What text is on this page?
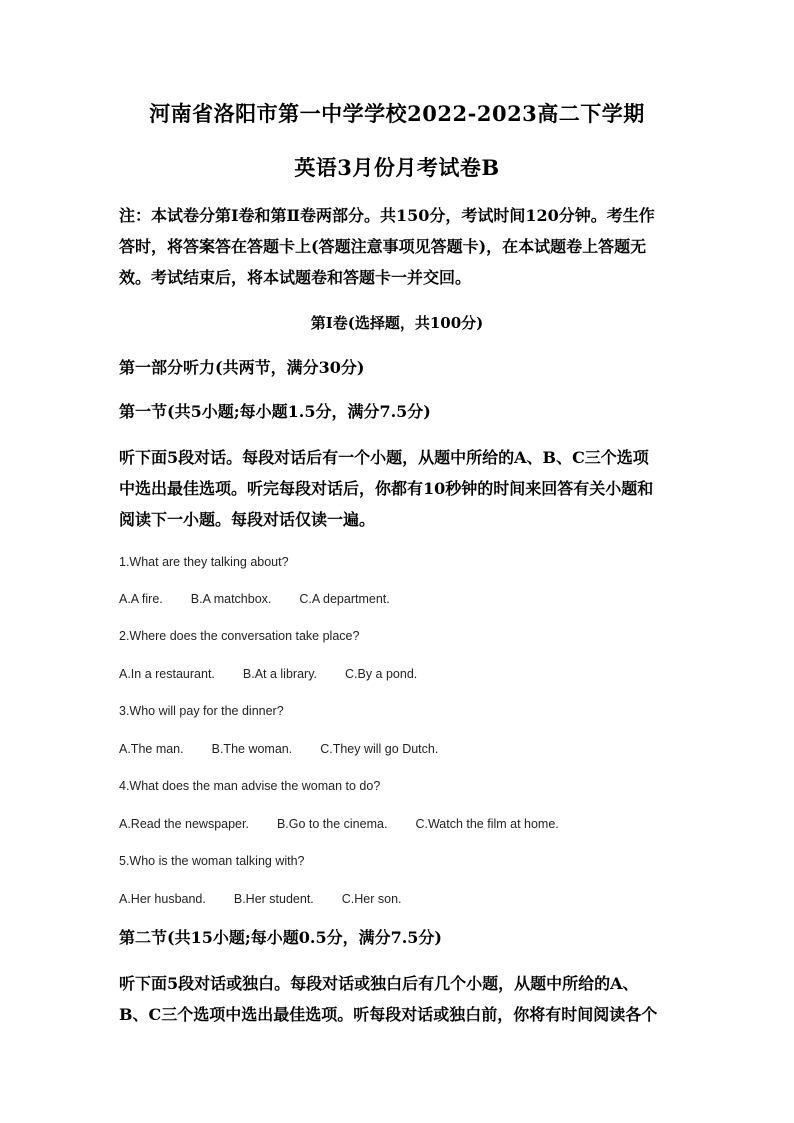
河南省洛阳市第一中学学校2022-2023高二下学期
英语3月份月考试卷B
注：本试卷分第Ⅰ卷和第Ⅱ卷两部分。共150分，考试时间120分钟。考生作
答时，将答案答在答题卡上(答题注意事项见答题卡)，在本试题卷上答题无
效。考试结束后，将本试题卷和答题卡一并交回。
第Ⅰ卷(选择题，共100分)
第一部分听力(共两节，满分30分)
第一节(共5小题;每小题1.5分，满分7.5分)
听下面5段对话。每段对话后有一个小题，从题中所给的A、B、C三个选项
中选出最佳选项。听完每段对话后，你都有10秒钟的时间来回答有关小题和
阅读下一小题。每段对话仅读一遍。
1.What are they talking about?
A.A fire. B.A matchbox. C.A department.
2.Where does the conversation take place?
A.In a restaurant. B.At a library. C.By a pond.
3.Who will pay for the dinner?
A.The man. B.The woman. C.They will go Dutch.
4.What does the man advise the woman to do?
A.Read the newspaper. B.Go to the cinema. C.Watch the film at home.
5.Who is the woman talking with?
A.Her husband. B.Her student. C.Her son.
第二节(共15小题;每小题0.5分，满分7.5分)
听下面5段对话或独白。每段对话或独白后有几个小题，从题中所给的A、
B、C三个选项中选出最佳选项。听每段对话或独白前，你将有时间阅读各个
